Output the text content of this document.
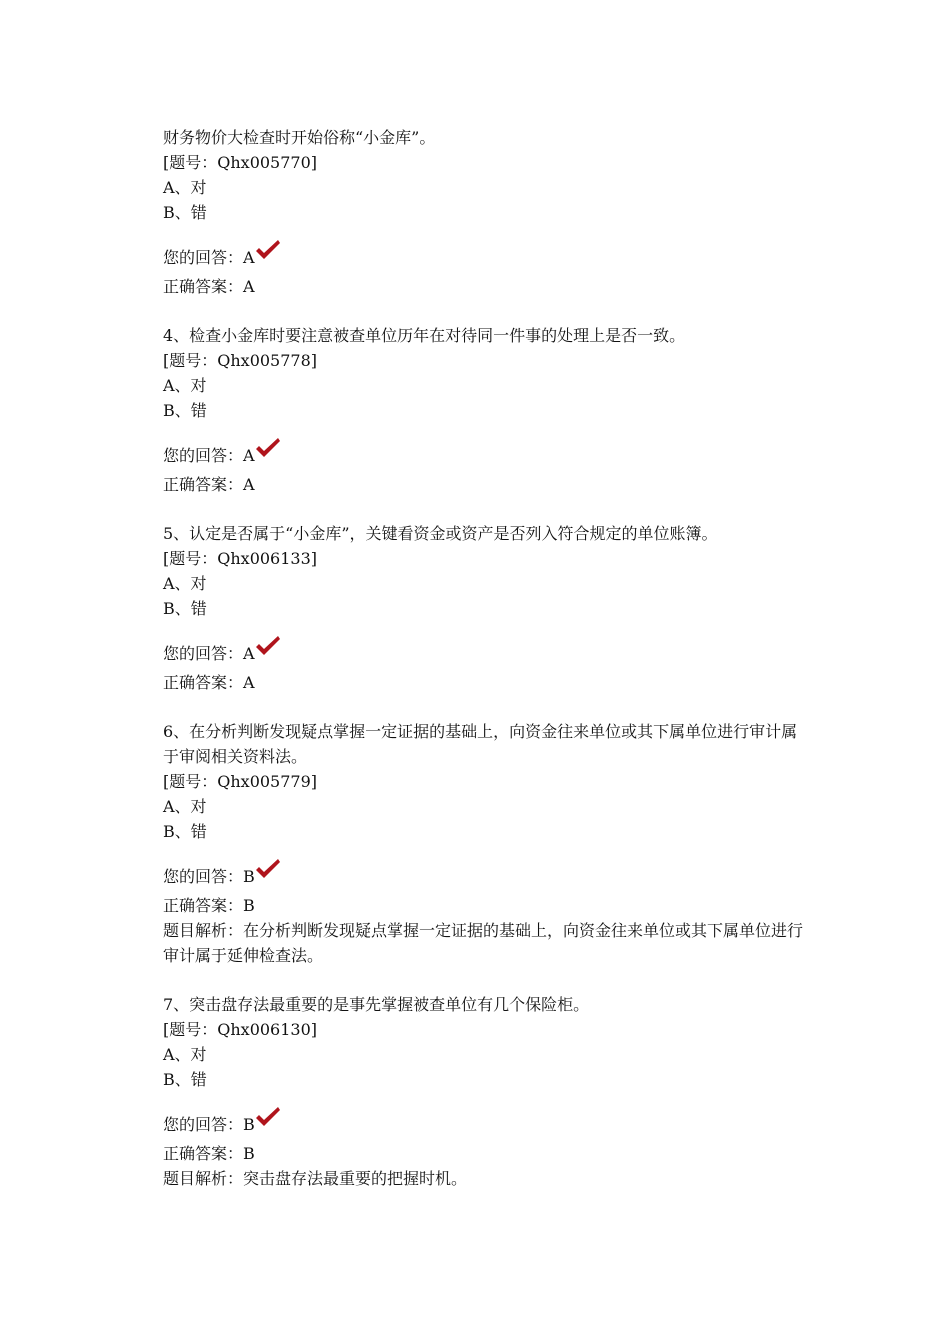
财务物价大检查时开始俗称“小金库”。
[题号：Qhx005770]
A、对
B、错
您的回答：A
正确答案：A
4、检查小金库时要注意被查单位历年在对待同一件事的处理上是否一致。
[题号：Qhx005778]
A、对
B、错
您的回答：A
正确答案：A
5、认定是否属于“小金库”，关键看资金或资产是否列入符合规定的单位账簿。
[题号：Qhx006133]
A、对
B、错
您的回答：A
正确答案：A
6、在分析判断发现疑点掌握一定证据的基础上，向资金往来单位或其下属单位进行审计属于审阅相关资料法。
[题号：Qhx005779]
A、对
B、错
您的回答：B
正确答案：B
题目解析：在分析判断发现疑点掌握一定证据的基础上，向资金往来单位或其下属单位进行审计属于延伸检查法。
7、突击盘存法最重要的是事先掌握被查单位有几个保险柜。
[题号：Qhx006130]
A、对
B、错
您的回答：B
正确答案：B
题目解析：突击盘存法最重要的把握时机。
